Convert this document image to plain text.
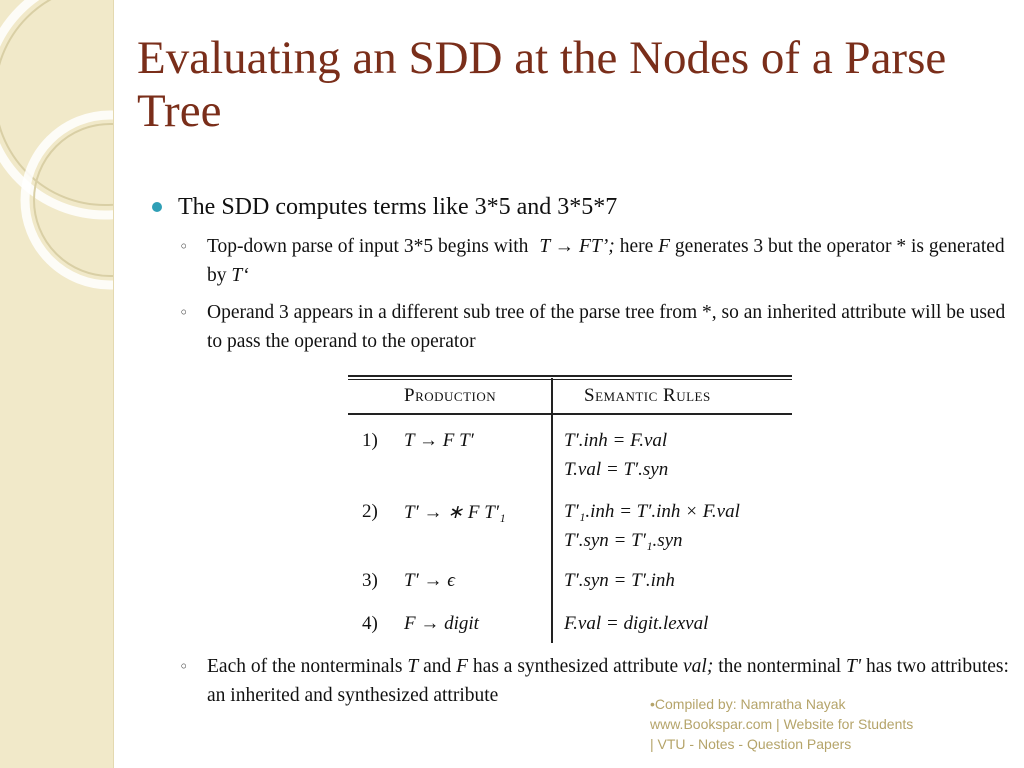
Evaluating an SDD at the Nodes of a Parse Tree
The SDD computes terms like 3*5 and 3*5*7
◦ Top-down parse of input 3*5 begins with T → FT’; here F generates 3 but the operator * is generated by T‘
◦ Operand 3 appears in a different sub tree of the parse tree from *, so an inherited attribute will be used to pass the operand to the operator
Production	Semantic Rules
1) T → F T′	T′.inh = F.val
T.val = T′.syn
2) T′ → ∗ F T′₁	T′₁.inh = T′.inh × F.val
T′.syn = T′₁.syn
3) T′ → ϵ	T′.syn = T′.inh
4) F → digit	F.val = digit.lexval
◦ Each of the nonterminals T and F has a synthesized attribute val; the nonterminal T' has two attributes: an inherited and synthesized attribute	•Compiled by: Namratha Nayak
www.Bookspar.com | Website for Students
| VTU - Notes - Question Papers
